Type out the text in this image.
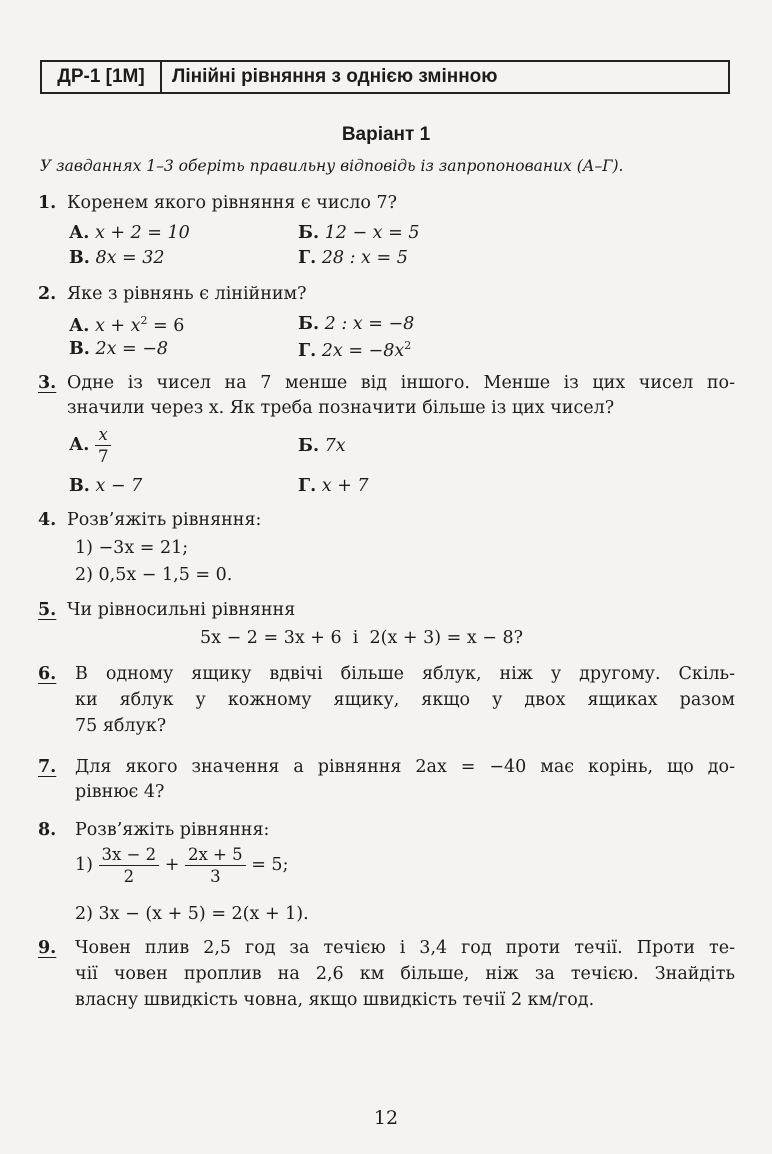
ДР-1 [1М]	Лінійні рівняння з однією змінною
Варіант 1
У завданнях 1–3 оберіть правильну відповідь із запропонованих (А–Г).
1. Коренем якого рівняння є число 7?
А. x + 2 = 10	Б. 12 − x = 5
В. 8x = 32	Г. 28 : x = 5
2. Яке з рівнянь є лінійним?
А. $x + x^2 = 6$	Б. 2 : x = −8
В. 2x = −8	Г. $2x = -8x^2$
3. Одне із чисел на 7 менше від іншого. Менше із цих чисел по-
значили через x. Як треба позначити більше із цих чисел?
А. $\frac{x}{7}$	Б. 7x
В. x − 7	Г. x + 7
4. Розв’яжіть рівняння:
1) −3x = 21;
2) 0,5x − 1,5 = 0.
5. Чи рівносильні рівняння
5x − 2 = 3x + 6  і  2(x + 3) = x − 8?
6. В одному ящику вдвічі більше яблук, ніж у другому. Скіль-
ки яблук у кожному ящику, якщо у двох ящиках разом
75 яблук?
7. Для якого значення a рівняння 2ax = −40 має корінь, що до-
рівнює 4?
8. Розв’яжіть рівняння:
$1) \frac{3x - 2}{2} + \frac{2x + 5}{3} = 5$;
2) 3x − (x + 5) = 2(x + 1).
9. Човен плив 2,5 год за течією і 3,4 год проти течії. Проти те-
чії човен проплив на 2,6 км більше, ніж за течією. Знайдіть
власну швидкість човна, якщо швидкість течії 2 км/год.
12
